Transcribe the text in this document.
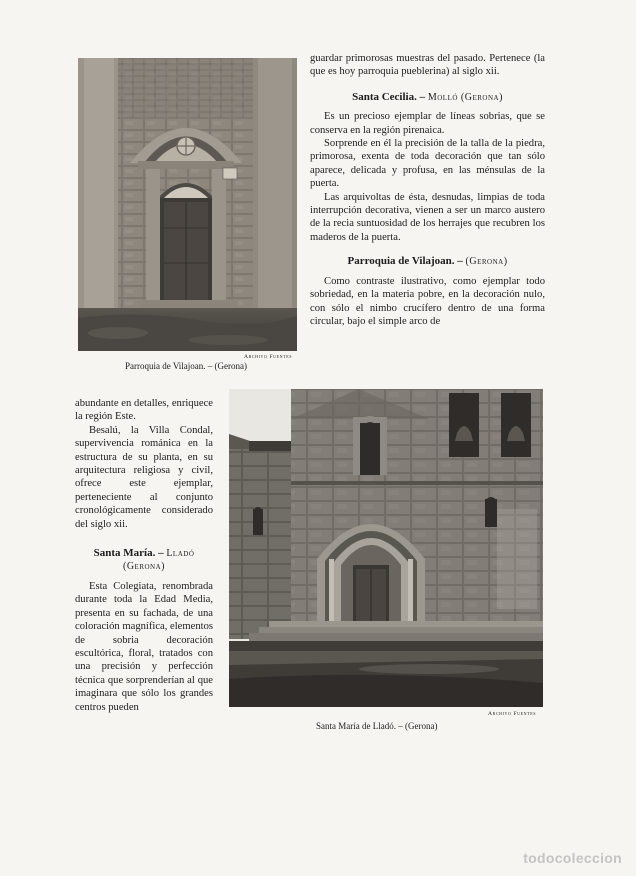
Archivo Fuentes
Parroquia de Vilajoan. – (Gerona)

guardar primorosas muestras del pasado. Pertenece (la que es hoy parroquia pueblerina) al siglo xii.

Santa Cecilia. – Molló (Gerona)

Es un precioso ejemplar de líneas sobrias, que se conserva en la región pirenaica.

Sorprende en él la precisión de la talla de la piedra, primorosa, exenta de toda decoración que tan sólo aparece, delicada y profusa, en las ménsulas de la puerta.

Las arquivoltas de ésta, desnudas, limpias de toda interrupción decorativa, vienen a ser un marco austero de la recia suntuosidad de los herrajes que recubren los maderos de la puerta.

Parroquia de Vilajoan. – (Gerona)

Como contraste ilustrativo, como ejemplar todo sobriedad, en la materia pobre, en la decoración nulo, con sólo el nimbo crucífero dentro de una forma circular, bajo el simple arco de

abundante en detalles, enriquece la región Este.

Besalú, la Villa Condal, supervivencia románica en la estructura de su planta, en su arquitectura religiosa y civil, ofrece este ejemplar, perteneciente al conjunto cronológicamente considerado del siglo xii.

Santa María. – Lladó (Gerona)

Esta Colegiata, renombrada durante toda la Edad Media, presenta en su fachada, de una coloración magnífica, elementos de sobria decoración escultórica, floral, tratados con una precisión y perfección técnica que sorprenderían al que imaginara que sólo los grandes centros pueden

Archivo Fuentes
Santa María de Lladó. – (Gerona)
todocoleccion
